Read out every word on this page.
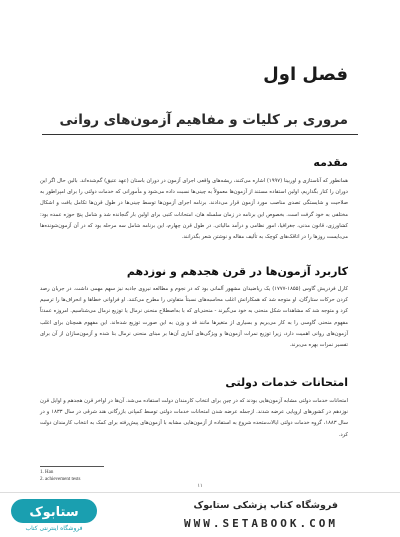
فصل اول
مروری بر کلیات و مفاهیم آزمون‌های روانی
مقدمه
همانطور که آناستازی و اوربینا (۱۹۹۷) اشاره می‌کنند، ریشه‌های واقعی اجرای آزمون در دوران باستان (عهد عتیق) گم‌شده‌اند. بالین حال اگر این دوران را کنار بگذاریم، اولین استفاده مستند از آزمون‌ها معمولاً به چینی‌ها نسبت داده می‌شود و مأمورانی که خدمات دولتی را برای امپراطور به صلاحیت و شایستگی تصدی مناصب مورد آزمون قرار می‌دادند. برنامه اجرای آزمون‌ها توسط چینی‌ها در طول قرن‌ها تکامل یافت و اشکال مختلفی به خود گرفت است. بخصوص این برنامه در زمان سلسله هان، امتحانات کتبی برای اولین بار گنجانده شد و شامل پنج حوزه عمده بود: کشاورزی، قانون مدنی، جغرافیا، امور نظامی و درآمد مالیاتی. در طول قرن چهارم، این برنامه شامل سه مرحله بود که در آن آزمون‌شونده‌ها می‌بایست روزها را در اتاقک‌های کوچک به تألیف مقاله و نوشتن شعر بگذرانند.
کاربرد آزمون‌ها در قرن هجدهم و نوزدهم
کارل فردریش گاوس (۱۸۵۵-۱۷۷۷) یک ریاضیدان مشهور آلمانی بود که در نجوم و مطالعه نیروی جاذبه نیز سهم مهمی داشت. در جریان رصد کردن حرکات ستارگان، او متوجه شد که همکارانش اغلب محاسبه‌های نسبتاً متفاوتی را مطرح می‌کنند. او فراوانی خطاها و انحراف‌ها را ترسیم کرد و متوجه شد که مشاهدات شکل منحنی به خود می‌گیرند - منحنی‌ای که با به‌اصطلاح منحنی نرمال یا توزیع نرمال می‌شناسیم. امروزه عمدتاً مفهوم منحنی گاوسی را به کار می‌بریم و بسیاری از متغیرها مانند قد و وزن به این صورت توزیع شده‌اند. این مفهوم همچنان برای اغلب آزمون‌های روانی اهمیت دارد، زیرا توزیع نمرات آزمون‌ها و ویژگی‌های آماری آن‌ها بر مبنای منحنی نرمال بنا شده و آزمون‌سازان از آن برای تفسیر نمرات بهره می‌برند.
امتحانات خدمات دولتی
امتحانات خدمات دولتی مشابه آزمون‌هایی بودند که در چین برای انتخاب کارمندان دولت استفاده می‌شد. آن‌ها در اواخر قرن هجدهم و اوایل قرن نوزدهم در کشورهای اروپایی عرضه شدند. ازجمله عرضه شدن امتحانات خدمات دولتی توسط کمپانی بازرگانی هند شرقی در سال ۱۸۳۳ و در سال ۱۸۸۳، گروه خدمات دولتی ایالات‌متحده شروع به استفاده از آزمون‌هایی مشابه با آزمون‌های پیش‌رفته برای کمک به انتخاب کارمندان دولت کرد.
1. Han
2. achievement tests
۱۱
ستابوک
فروشگاه اینترنتی کتاب
فروشگاه کتاب پزشکی ستابوک
WWW.SETABOOK.COM
